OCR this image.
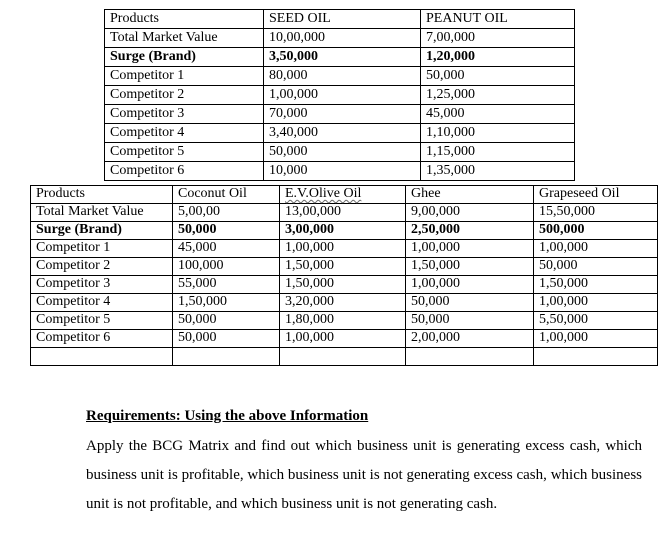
Products	SEED OIL	PEANUT OIL
Total Market Value	10,00,000	7,00,000
Surge (Brand)	3,50,000	1,20,000
Competitor 1	80,000	50,000
Competitor 2	1,00,000	1,25,000
Competitor 3	70,000	45,000
Competitor 4	3,40,000	1,10,000
Competitor 5	50,000	1,15,000
Competitor 6	10,000	1,35,000
Products	Coconut Oil	E.V.Olive Oil	Ghee	Grapeseed Oil
Total Market Value	5,00,00	13,00,000	9,00,000	15,50,000
Surge (Brand)	50,000	3,00,000	2,50,000	500,000
Competitor 1	45,000	1,00,000	1,00,000	1,00,000
Competitor 2	100,000	1,50,000	1,50,000	50,000
Competitor 3	55,000	1,50,000	1,00,000	1,50,000
Competitor 4	1,50,000	3,20,000	50,000	1,00,000
Competitor 5	50,000	1,80,000	50,000	5,50,000
Competitor 6	50,000	1,00,000	2,00,000	1,00,000

Requirements: Using the above Information

Apply the BCG Matrix and find out which business unit is generating excess cash, which business unit is profitable, which business unit is not generating excess cash, which business unit is not profitable, and which business unit is not generating cash.
